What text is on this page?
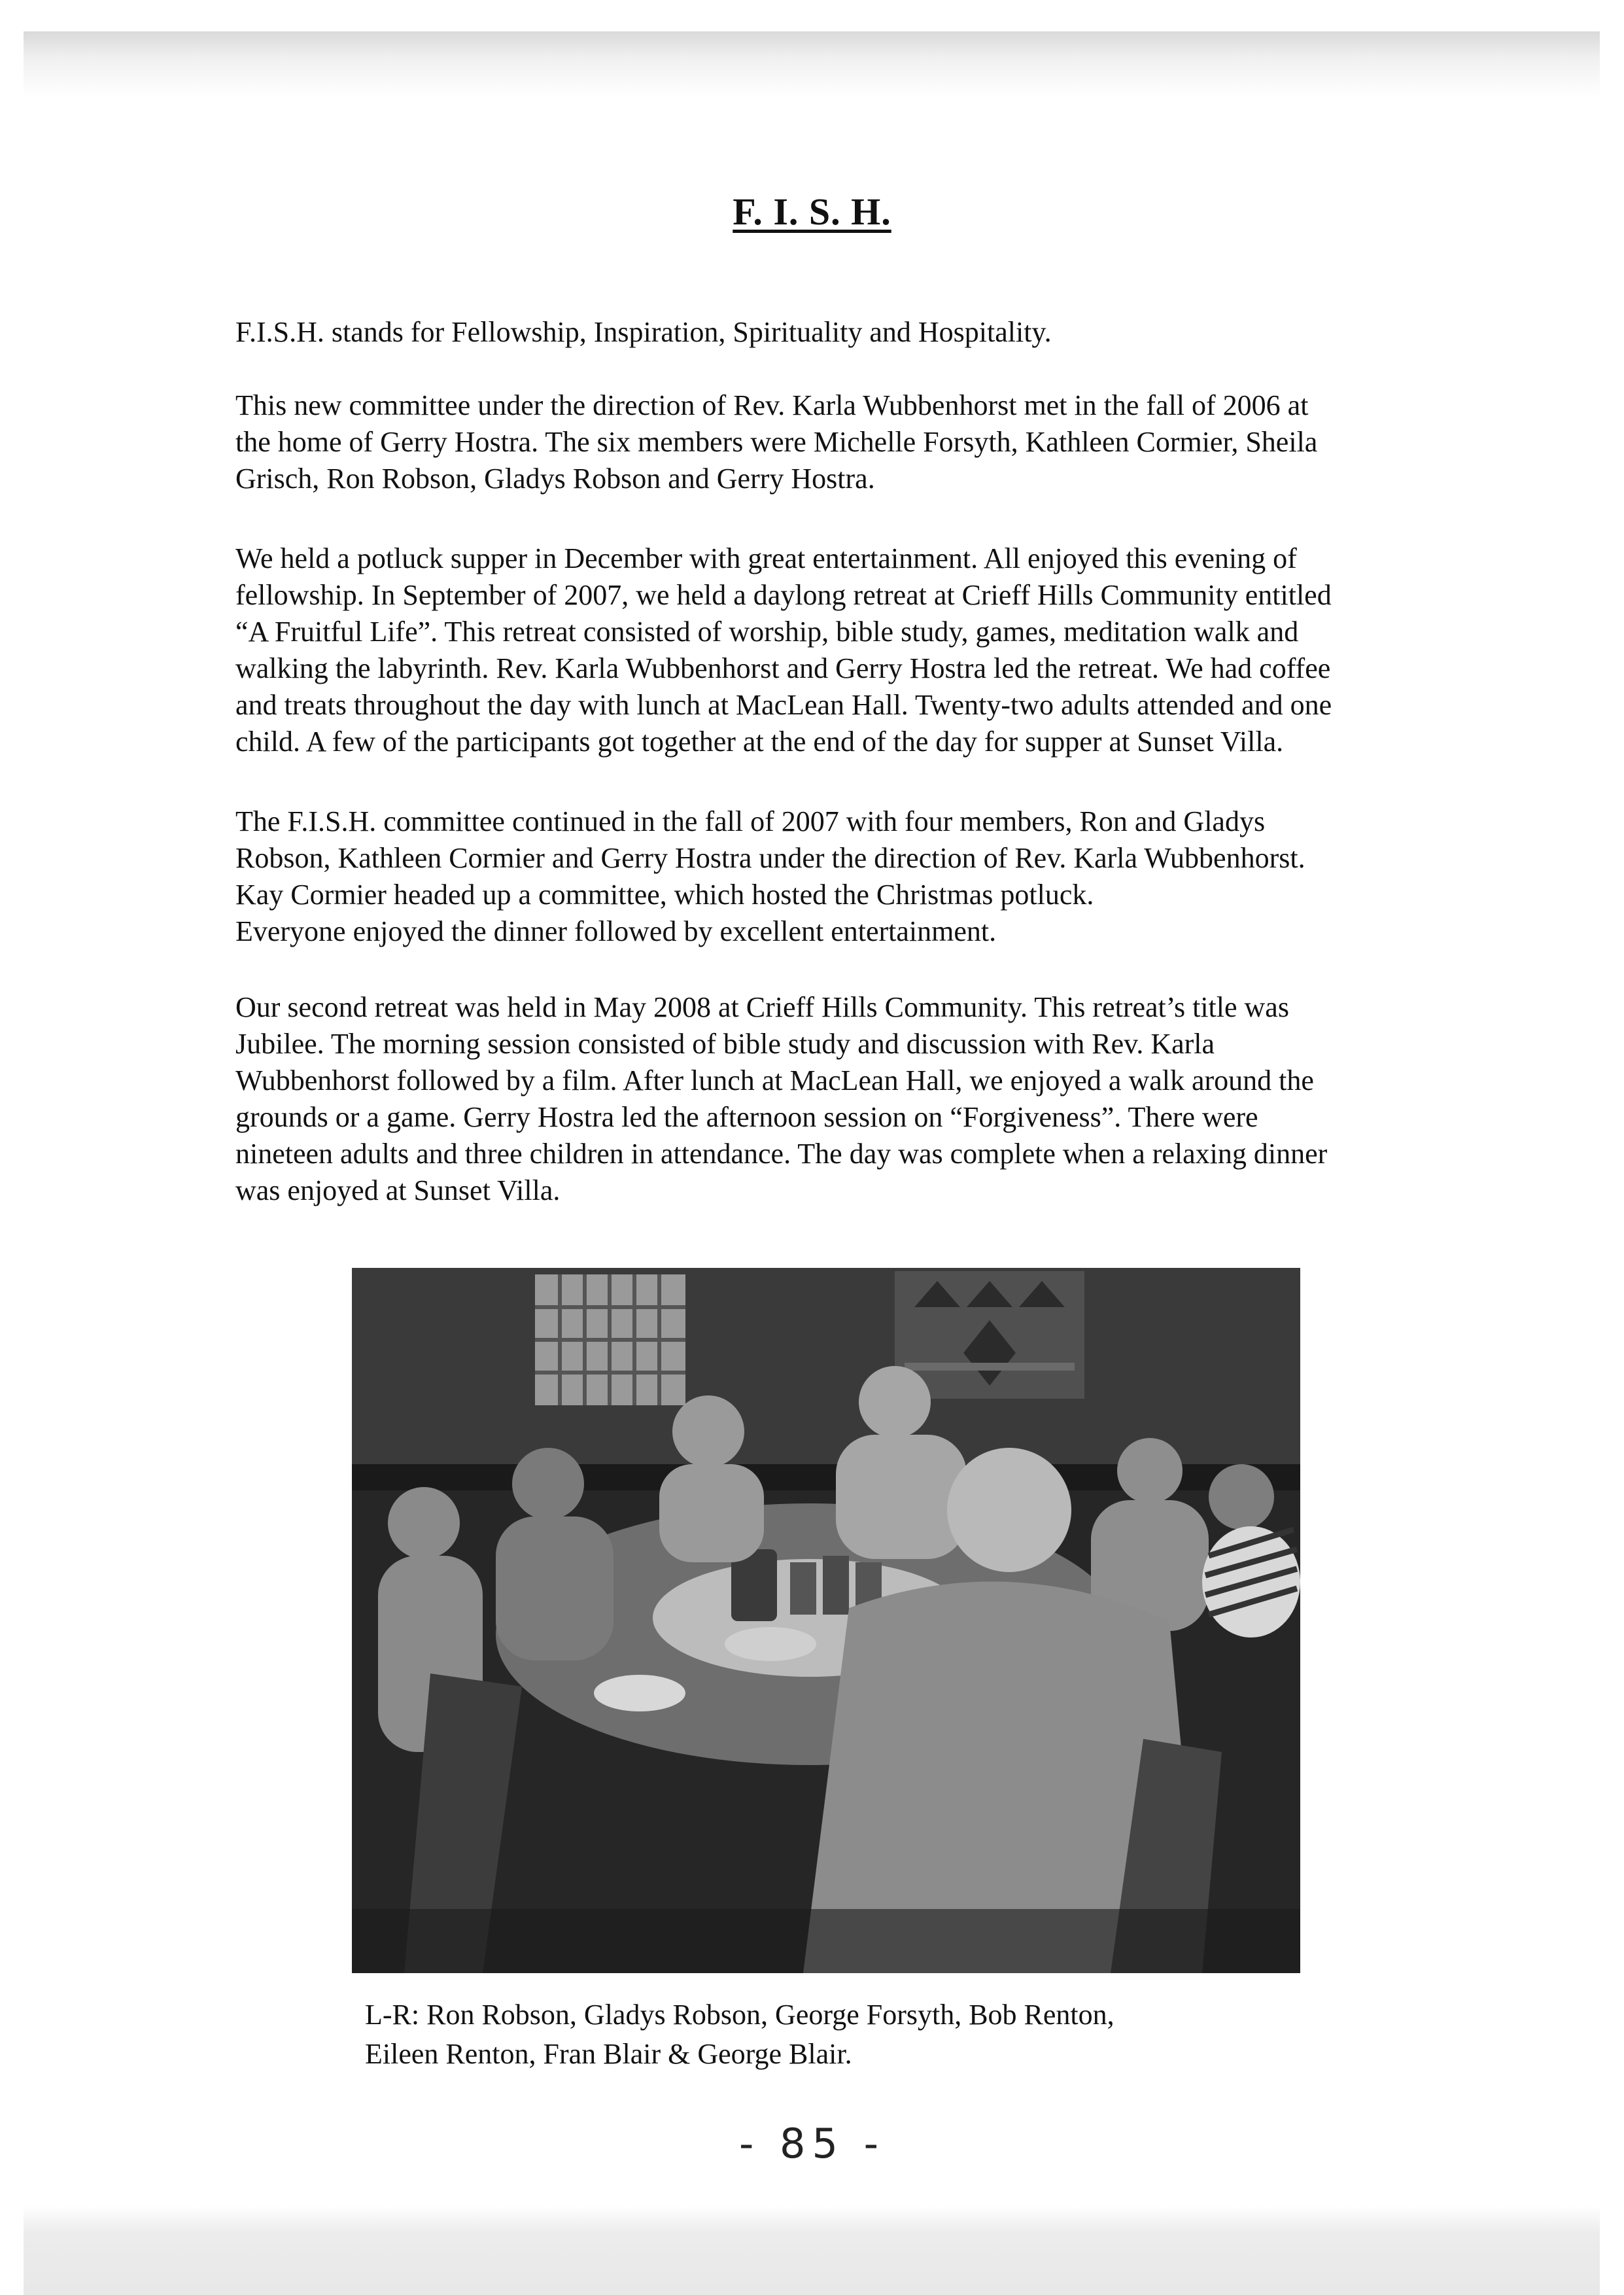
F. I. S. H.
F.I.S.H. stands for Fellowship, Inspiration, Spirituality and Hospitality.
This new committee under the direction of Rev. Karla Wubbenhorst met in the fall of 2006 at
the home of Gerry Hostra. The six members were Michelle Forsyth, Kathleen Cormier, Sheila
Grisch, Ron Robson, Gladys Robson and Gerry Hostra.
We held a potluck supper in December with great entertainment. All enjoyed this evening of
fellowship. In September of 2007, we held a daylong retreat at Crieff Hills Community entitled
“A Fruitful Life”. This retreat consisted of worship, bible study, games, meditation walk and
walking the labyrinth. Rev. Karla Wubbenhorst and Gerry Hostra led the retreat. We had coffee
and treats throughout the day with lunch at MacLean Hall. Twenty-two adults attended and one
child. A few of the participants got together at the end of the day for supper at Sunset Villa.
The F.I.S.H. committee continued in the fall of 2007 with four members, Ron and Gladys
Robson, Kathleen Cormier and Gerry Hostra under the direction of Rev. Karla Wubbenhorst.
Kay Cormier headed up a committee, which hosted the Christmas potluck.
Everyone enjoyed the dinner followed by excellent entertainment.
Our second retreat was held in May 2008 at Crieff Hills Community. This retreat’s title was
Jubilee. The morning session consisted of bible study and discussion with Rev. Karla
Wubbenhorst followed by a film. After lunch at MacLean Hall, we enjoyed a walk around the
grounds or a game. Gerry Hostra led the afternoon session on “Forgiveness”. There were
nineteen adults and three children in attendance. The day was complete when a relaxing dinner
was enjoyed at Sunset Villa.
L-R: Ron Robson, Gladys Robson, George Forsyth, Bob Renton,
Eileen Renton, Fran Blair & George Blair.
- 85 -
